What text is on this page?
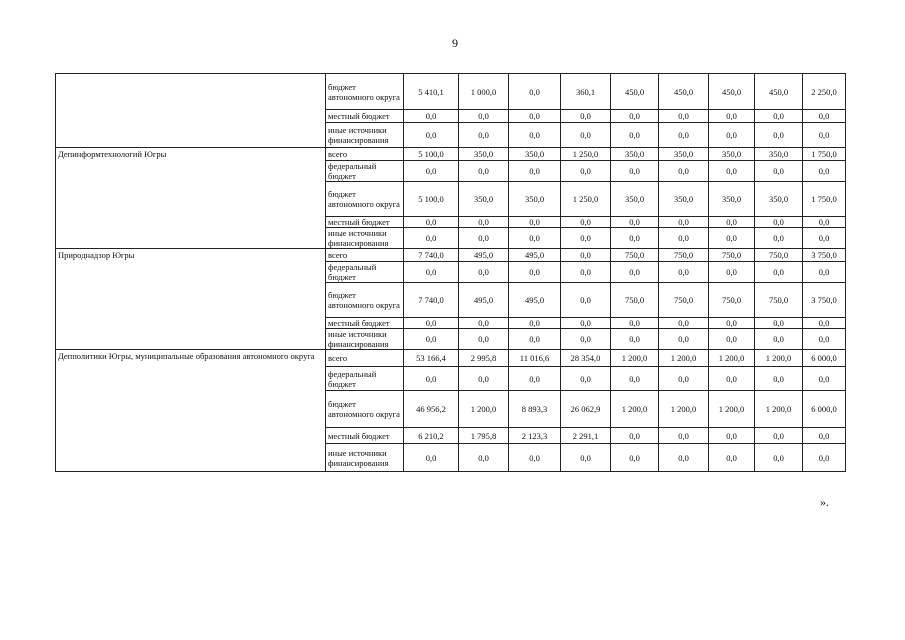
9
	бюджет автономного округа	5 410,1	1 000,0	0,0	360,1	450,0	450,0	450,0	450,0	2 250,0
	местный бюджет	0,0	0,0	0,0	0,0	0,0	0,0	0,0	0,0	0,0
	иные источники финансирования	0,0	0,0	0,0	0,0	0,0	0,0	0,0	0,0	0,0
Депинформтехнологий Югры	всего	5 100,0	350,0	350,0	1 250,0	350,0	350,0	350,0	350,0	1 750,0
	федеральный бюджет	0,0	0,0	0,0	0,0	0,0	0,0	0,0	0,0	0,0
	бюджет автономного округа	5 100,0	350,0	350,0	1 250,0	350,0	350,0	350,0	350,0	1 750,0
	местный бюджет	0,0	0,0	0,0	0,0	0,0	0,0	0,0	0,0	0,0
	иные источники финансирования	0,0	0,0	0,0	0,0	0,0	0,0	0,0	0,0	0,0
Природнадзор Югры	всего	7 740,0	495,0	495,0	0,0	750,0	750,0	750,0	750,0	3 750,0
	федеральный бюджет	0,0	0,0	0,0	0,0	0,0	0,0	0,0	0,0	0,0
	бюджет автономного округа	7 740,0	495,0	495,0	0,0	750,0	750,0	750,0	750,0	3 750,0
	местный бюджет	0,0	0,0	0,0	0,0	0,0	0,0	0,0	0,0	0,0
	иные источники финансирования	0,0	0,0	0,0	0,0	0,0	0,0	0,0	0,0	0,0
Депполитики Югры, муниципальные образования автономного округа	всего	53 166,4	2 995,8	11 016,6	28 354,0	1 200,0	1 200,0	1 200,0	1 200,0	6 000,0
	федеральный бюджет	0,0	0,0	0,0	0,0	0,0	0,0	0,0	0,0	0,0
	бюджет автономного округа	46 956,2	1 200,0	8 893,3	26 062,9	1 200,0	1 200,0	1 200,0	1 200,0	6 000,0
	местный бюджет	6 210,2	1 795,8	2 123,3	2 291,1	0,0	0,0	0,0	0,0	0,0
	иные источники финансирования	0,0	0,0	0,0	0,0	0,0	0,0	0,0	0,0	0,0
».
